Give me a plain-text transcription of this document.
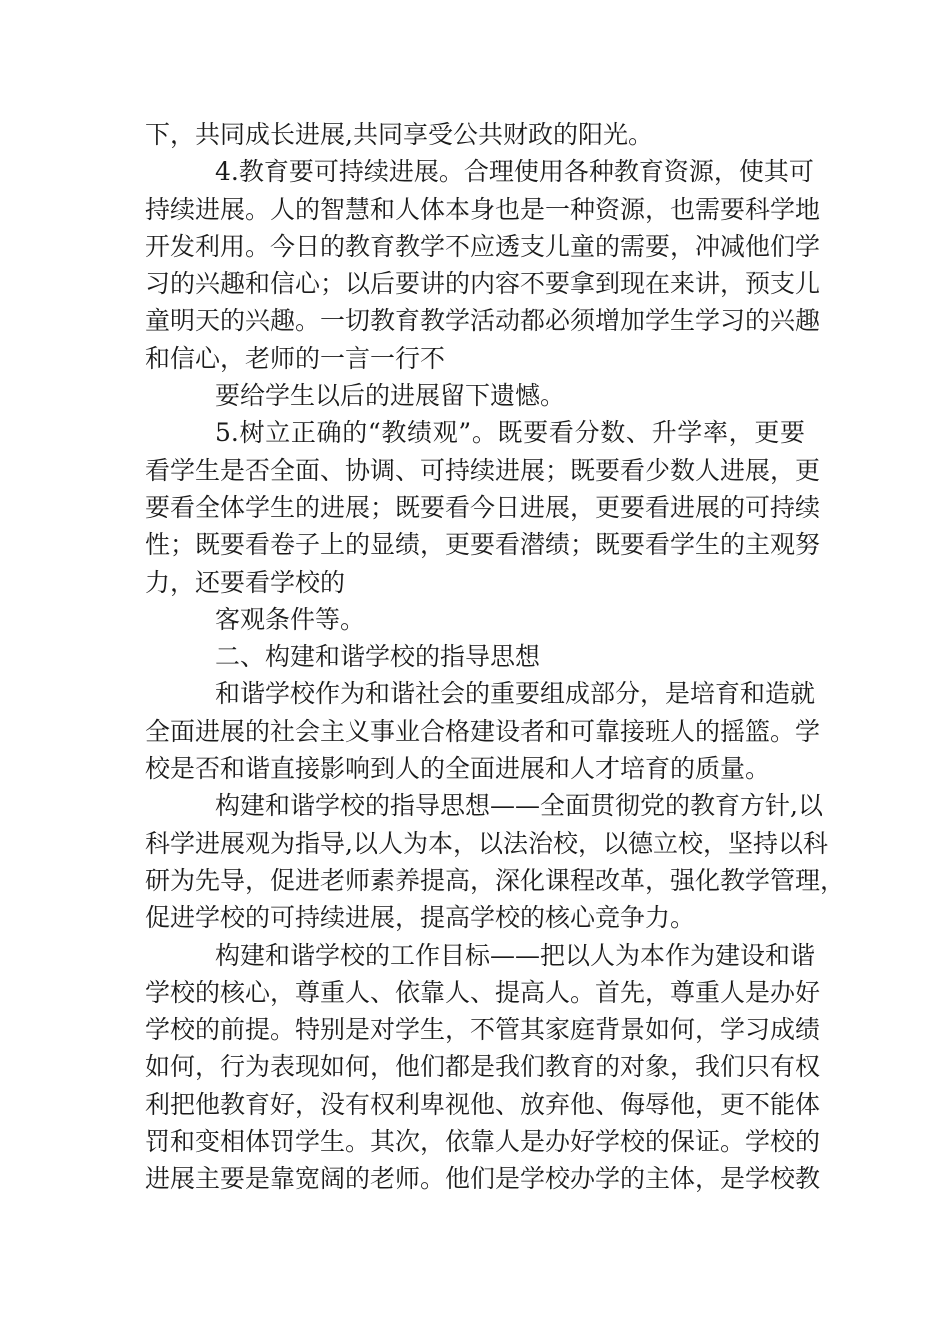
下，共同成长进展,共同享受公共财政的阳光。
4.教育要可持续进展。合理使用各种教育资源，使其可
持续进展。人的智慧和人体本身也是一种资源，也需要科学地
开发利用。今日的教育教学不应透支儿童的需要，冲减他们学
习的兴趣和信心；以后要讲的内容不要拿到现在来讲，预支儿
童明天的兴趣。一切教育教学活动都必须增加学生学习的兴趣
和信心，老师的一言一行不
要给学生以后的进展留下遗憾。
5.树立正确的“教绩观”。既要看分数、升学率，更要
看学生是否全面、协调、可持续进展；既要看少数人进展，更
要看全体学生的进展；既要看今日进展，更要看进展的可持续
性；既要看卷子上的显绩，更要看潜绩；既要看学生的主观努
力，还要看学校的
客观条件等。
二、构建和谐学校的指导思想
和谐学校作为和谐社会的重要组成部分，是培育和造就
全面进展的社会主义事业合格建设者和可靠接班人的摇篮。学
校是否和谐直接影响到人的全面进展和人才培育的质量。
构建和谐学校的指导思想——全面贯彻党的教育方针,以
科学进展观为指导,以人为本，以法治校，以德立校，坚持以科
研为先导，促进老师素养提高，深化课程改革，强化教学管理，
促进学校的可持续进展，提高学校的核心竞争力。
构建和谐学校的工作目标——把以人为本作为建设和谐
学校的核心，尊重人、依靠人、提高人。首先，尊重人是办好
学校的前提。特别是对学生，不管其家庭背景如何，学习成绩
如何，行为表现如何，他们都是我们教育的对象，我们只有权
利把他教育好，没有权利卑视他、放弃他、侮辱他，更不能体
罚和变相体罚学生。其次，依靠人是办好学校的保证。学校的
进展主要是靠宽阔的老师。他们是学校办学的主体，是学校教
